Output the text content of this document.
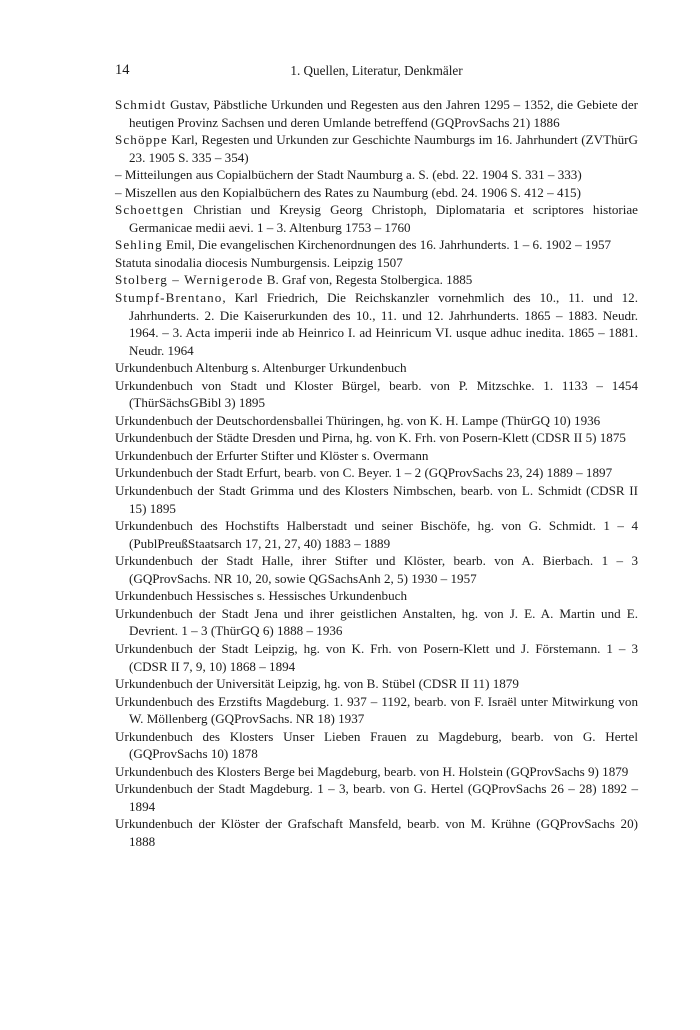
14	1. Quellen, Literatur, Denkmäler

Schmidt Gustav, Päbstliche Urkunden und Regesten aus den Jahren 1295 – 1352, die Gebiete der heutigen Provinz Sachsen und deren Umlande betreffend (GQProvSachs 21) 1886

Schöppe Karl, Regesten und Urkunden zur Geschichte Naumburgs im 16. Jahrhundert (ZVThürG 23. 1905 S. 335 – 354)

– Mitteilungen aus Copialbüchern der Stadt Naumburg a. S. (ebd. 22. 1904 S. 331 – 333)

– Miszellen aus den Kopialbüchern des Rates zu Naumburg (ebd. 24. 1906 S. 412 – 415)

Schoettgen Christian und Kreysig Georg Christoph, Diplomataria et scriptores historiae Germanicae medii aevi. 1 – 3. Altenburg 1753 – 1760

Sehling Emil, Die evangelischen Kirchenordnungen des 16. Jahrhunderts. 1 – 6. 1902 – 1957

Statuta sinodalia diocesis Numburgensis. Leipzig 1507

Stolberg – Wernigerode B. Graf von, Regesta Stolbergica. 1885

Stumpf-Brentano, Karl Friedrich, Die Reichskanzler vornehmlich des 10., 11. und 12. Jahrhunderts. 2. Die Kaiserurkunden des 10., 11. und 12. Jahrhunderts. 1865 – 1883. Neudr. 1964. – 3. Acta imperii inde ab Heinrico I. ad Heinricum VI. usque adhuc inedita. 1865 – 1881. Neudr. 1964

Urkundenbuch Altenburg s. Altenburger Urkundenbuch

Urkundenbuch von Stadt und Kloster Bürgel, bearb. von P. Mitzschke. 1. 1133 – 1454 (ThürSächsGBibl 3) 1895

Urkundenbuch der Deutschordensballei Thüringen, hg. von K. H. Lampe (ThürGQ 10) 1936

Urkundenbuch der Städte Dresden und Pirna, hg. von K. Frh. von Posern-Klett (CDSR II 5) 1875

Urkundenbuch der Erfurter Stifter und Klöster s. Overmann

Urkundenbuch der Stadt Erfurt, bearb. von C. Beyer. 1 – 2 (GQProvSachs 23, 24) 1889 – 1897

Urkundenbuch der Stadt Grimma und des Klosters Nimbschen, bearb. von L. Schmidt (CDSR II 15) 1895

Urkundenbuch des Hochstifts Halberstadt und seiner Bischöfe, hg. von G. Schmidt. 1 – 4 (PublPreußStaatsarch 17, 21, 27, 40) 1883 – 1889

Urkundenbuch der Stadt Halle, ihrer Stifter und Klöster, bearb. von A. Bierbach. 1 – 3 (GQProvSachs. NR 10, 20, sowie QGSachsAnh 2, 5) 1930 – 1957

Urkundenbuch Hessisches s. Hessisches Urkundenbuch

Urkundenbuch der Stadt Jena und ihrer geistlichen Anstalten, hg. von J. E. A. Martin und E. Devrient. 1 – 3 (ThürGQ 6) 1888 – 1936

Urkundenbuch der Stadt Leipzig, hg. von K. Frh. von Posern-Klett und J. Förstemann. 1 – 3 (CDSR II 7, 9, 10) 1868 – 1894

Urkundenbuch der Universität Leipzig, hg. von B. Stübel (CDSR II 11) 1879

Urkundenbuch des Erzstifts Magdeburg. 1. 937 – 1192, bearb. von F. Israël unter Mitwirkung von W. Möllenberg (GQProvSachs. NR 18) 1937

Urkundenbuch des Klosters Unser Lieben Frauen zu Magdeburg, bearb. von G. Hertel (GQProvSachs 10) 1878

Urkundenbuch des Klosters Berge bei Magdeburg, bearb. von H. Holstein (GQProvSachs 9) 1879

Urkundenbuch der Stadt Magdeburg. 1 – 3, bearb. von G. Hertel (GQProvSachs 26 – 28) 1892 – 1894

Urkundenbuch der Klöster der Grafschaft Mansfeld, bearb. von M. Krühne (GQProvSachs 20) 1888
